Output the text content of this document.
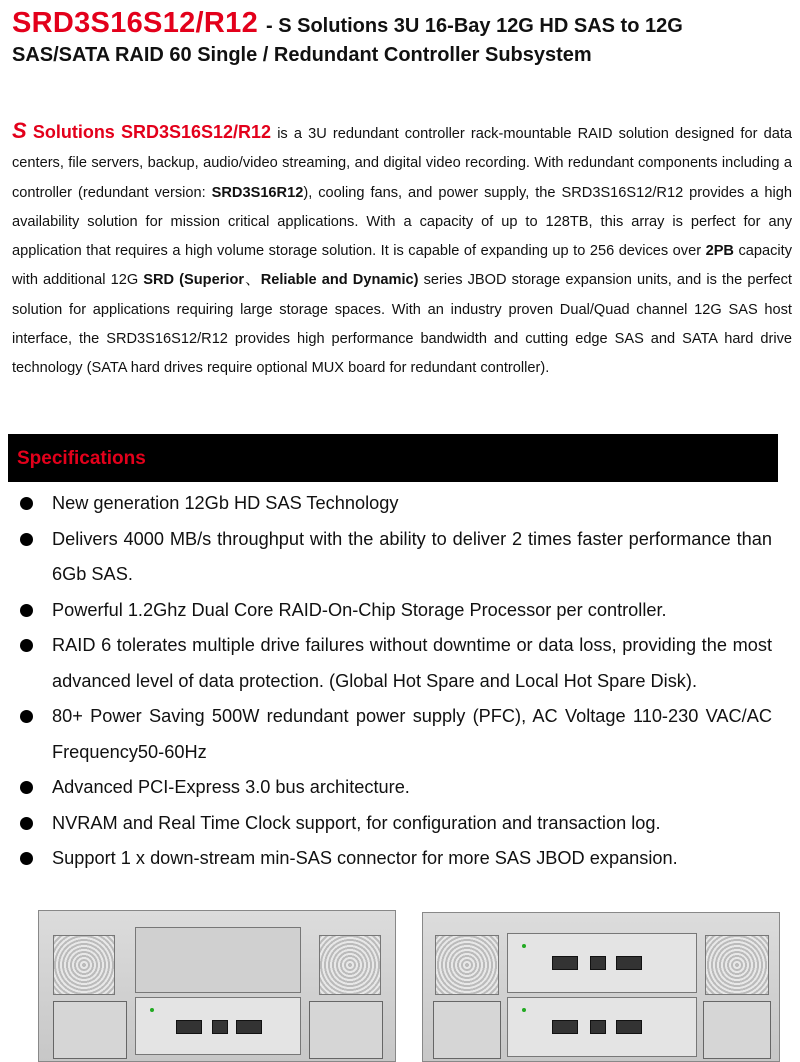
SRD3S16S12/R12 - S Solutions 3U 16-Bay 12G HD SAS to 12G
SAS/SATA RAID 60 Single / Redundant Controller Subsystem
S Solutions SRD3S16S12/R12 is a 3U redundant controller rack-mountable RAID solution designed for data centers, file servers, backup, audio/video streaming, and digital video recording. With redundant components including a controller (redundant version: SRD3S16R12), cooling fans, and power supply, the SRD3S16S12/R12 provides a high availability solution for mission critical applications. With a capacity of up to 128TB, this array is perfect for any application that requires a high volume storage solution. It is capable of expanding up to 256 devices over 2PB capacity with additional 12G SRD (Superior、Reliable and Dynamic) series JBOD storage expansion units, and is the perfect solution for applications requiring large storage spaces. With an industry proven Dual/Quad channel 12G SAS host interface, the SRD3S16S12/R12 provides high performance bandwidth and cutting edge SAS and SATA hard drive technology (SATA hard drives require optional MUX board for redundant controller).
Specifications
New generation 12Gb HD SAS Technology
Delivers 4000 MB/s throughput with the ability to deliver 2 times faster performance than 6Gb SAS.
Powerful 1.2Ghz Dual Core RAID-On-Chip Storage Processor per controller.
RAID 6 tolerates multiple drive failures without downtime or data loss, providing the most advanced level of data protection. (Global Hot Spare and Local Hot Spare Disk).
80+ Power Saving 500W redundant power supply (PFC), AC Voltage 110-230 VAC/AC Frequency50-60Hz
Advanced PCI-Express 3.0 bus architecture.
NVRAM and Real Time Clock support, for configuration and transaction log.
Support 1 x down-stream min-SAS connector for more SAS JBOD expansion.
